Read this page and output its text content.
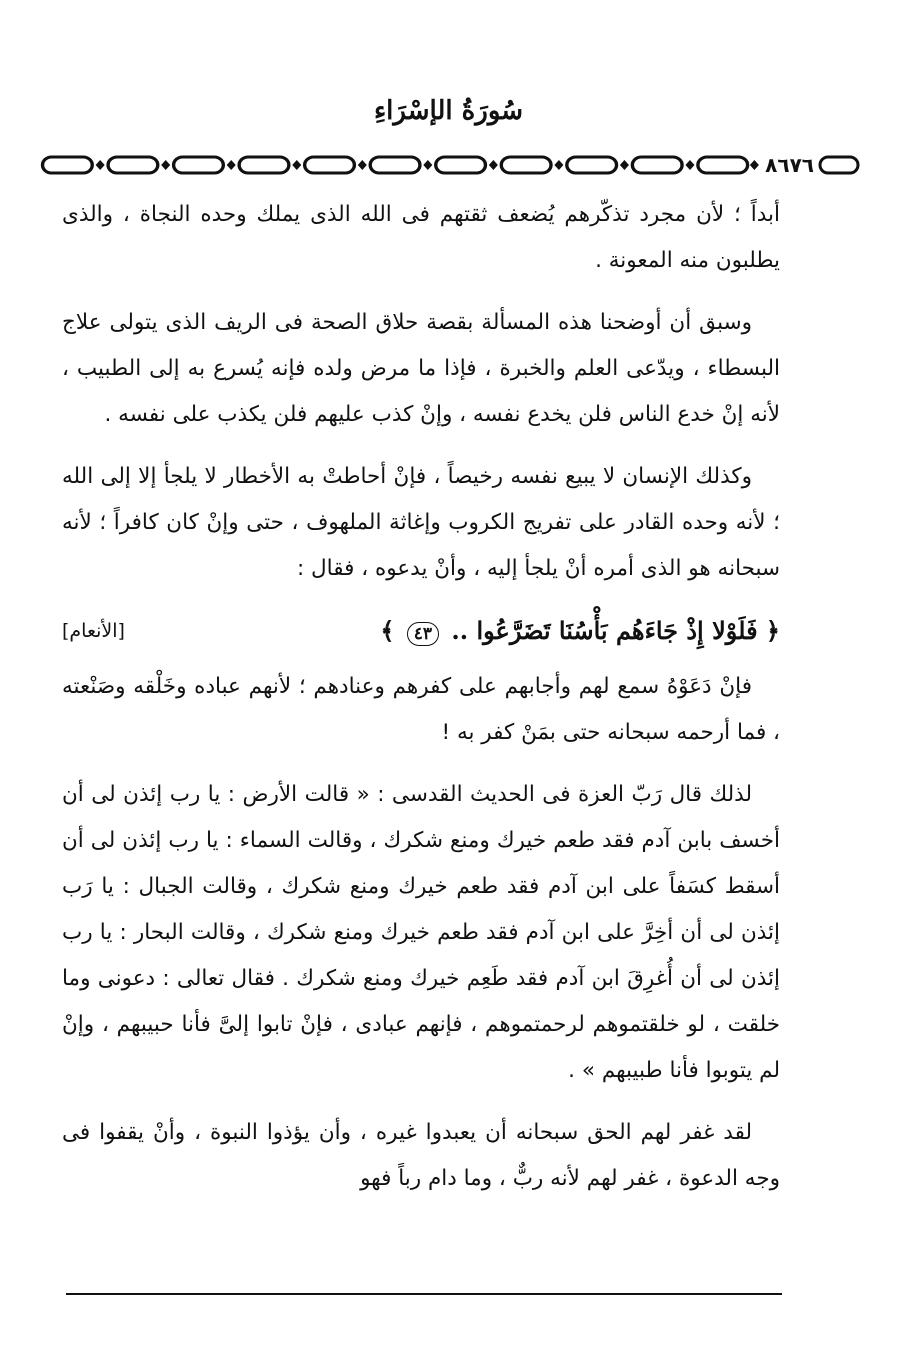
سُورَةُ الإسْرَاءِ
٨٦٧٦

أبداً ؛ لأن مجرد تذكّرهم يُضعف ثقتهم فى الله الذى يملك وحده النجاة ، والذى يطلبون منه المعونة .

وسبق أن أوضحنا هذه المسألة بقصة حلاق الصحة فى الريف الذى يتولى علاج البسطاء ، ويدّعى العلم والخبرة ، فإذا ما مرض ولده فإنه يُسرع به إلى الطبيب ، لأنه إنْ خدع الناس فلن يخدع نفسه ، وإنْ كذب عليهم فلن يكذب على نفسه .

وكذلك الإنسان لا يبيع نفسه رخيصاً ، فإنْ أحاطتْ به الأخطار لا يلجأ إلا إلى الله ؛ لأنه وحده القادر على تفريج الكروب وإغاثة الملهوف ، حتى وإنْ كان كافراً ؛ لأنه سبحانه هو الذى أمره أنْ يلجأ إليه ، وأنْ يدعوه ، فقال :

﴿ فَلَوْلا إِذْ جَاءَهُم بَأْسُنَا تَضَرَّعُوا .. ٤٣ ﴾
[الأنعام]

فإنْ دَعَوْهُ سمع لهم وأجابهم على كفرهم وعنادهم ؛ لأنهم عباده وخَلْقه وصَنْعته ، فما أرحمه سبحانه حتى بمَنْ كفر به !

لذلك قال رَبّ العزة فى الحديث القدسى : « قالت الأرض : يا رب إئذن لى أن أخسف بابن آدم فقد طعم خيرك ومنع شكرك ، وقالت السماء : يا رب إئذن لى أن أسقط كسَفاً على ابن آدم فقد طعم خيرك ومنع شكرك ، وقالت الجبال : يا رَب إئذن لى أن أخِرَّ على ابن آدم فقد طعم خيرك ومنع شكرك ، وقالت البحار : يا رب إئذن لى أن أُغرِقَ ابن آدم فقد طَعِم خيرك ومنع شكرك . فقال تعالى : دعونى وما خلقت ، لو خلقتموهم لرحمتموهم ، فإنهم عبادى ، فإنْ تابوا إلىَّ فأنا حبيبهم ، وإنْ لم يتوبوا فأنا طبيبهم » .

لقد غفر لهم الحق سبحانه أن يعبدوا غيره ، وأن يؤذوا النبوة ، وأنْ يقفوا فى وجه الدعوة ، غفر لهم لأنه ربٌّ ، وما دام رباً فهو
